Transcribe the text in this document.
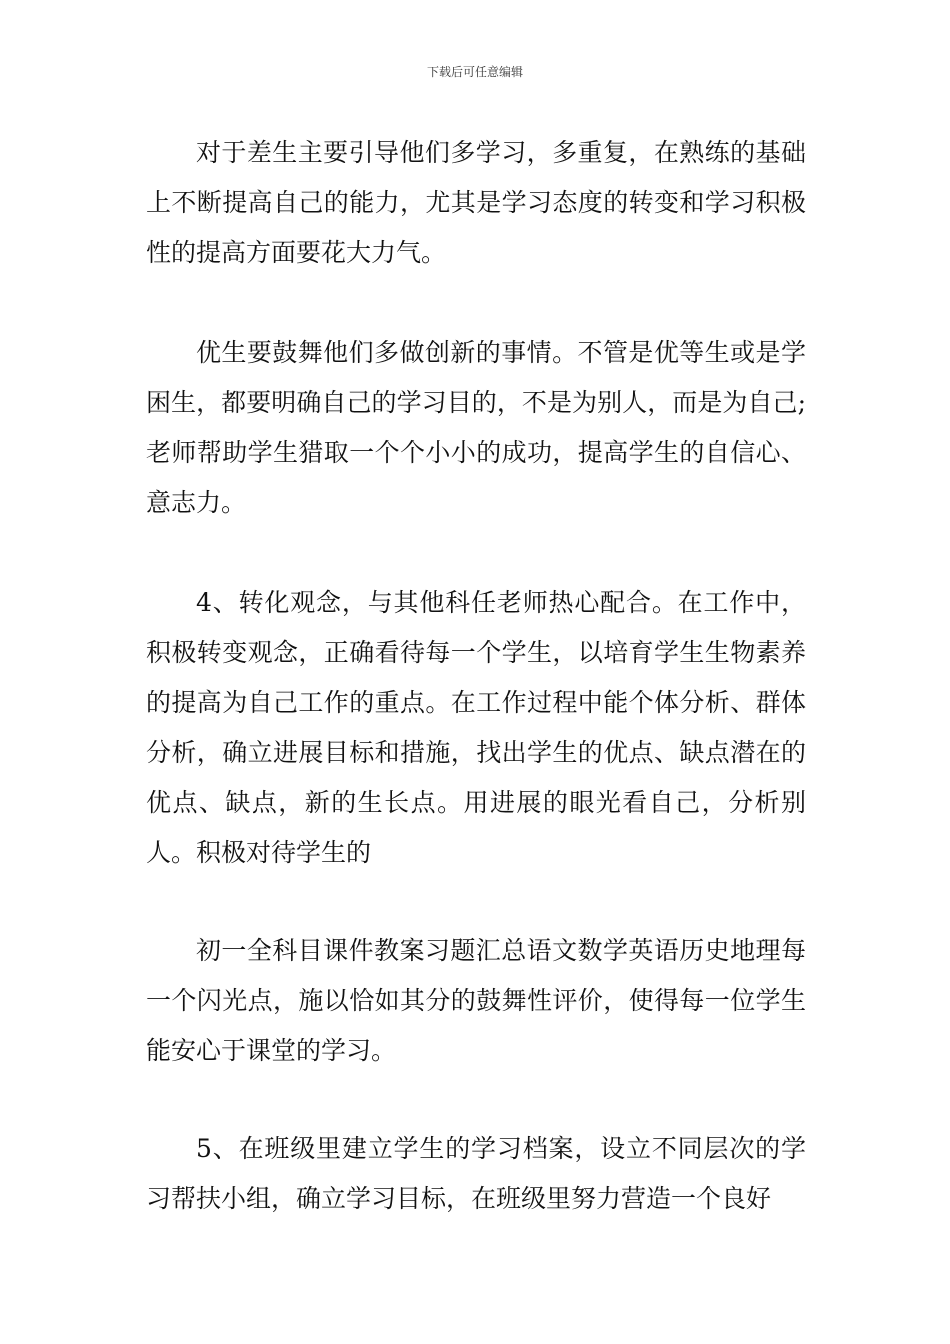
下载后可任意编辑

对于差生主要引导他们多学习，多重复，在熟练的基础上不断提高自己的能力，尤其是学习态度的转变和学习积极性的提高方面要花大力气。

优生要鼓舞他们多做创新的事情。不管是优等生或是学困生，都要明确自己的学习目的，不是为别人，而是为自己;老师帮助学生猎取一个个小小的成功，提高学生的自信心、意志力。

4、转化观念，与其他科任老师热心配合。在工作中，积极转变观念，正确看待每一个学生，以培育学生生物素养的提高为自己工作的重点。在工作过程中能个体分析、群体分析，确立进展目标和措施，找出学生的优点、缺点潜在的优点、缺点，新的生长点。用进展的眼光看自己，分析别人。积极对待学生的

初一全科目课件教案习题汇总语文数学英语历史地理每一个闪光点，施以恰如其分的鼓舞性评价，使得每一位学生能安心于课堂的学习。

5、在班级里建立学生的学习档案，设立不同层次的学习帮扶小组，确立学习目标，在班级里努力营造一个良好
